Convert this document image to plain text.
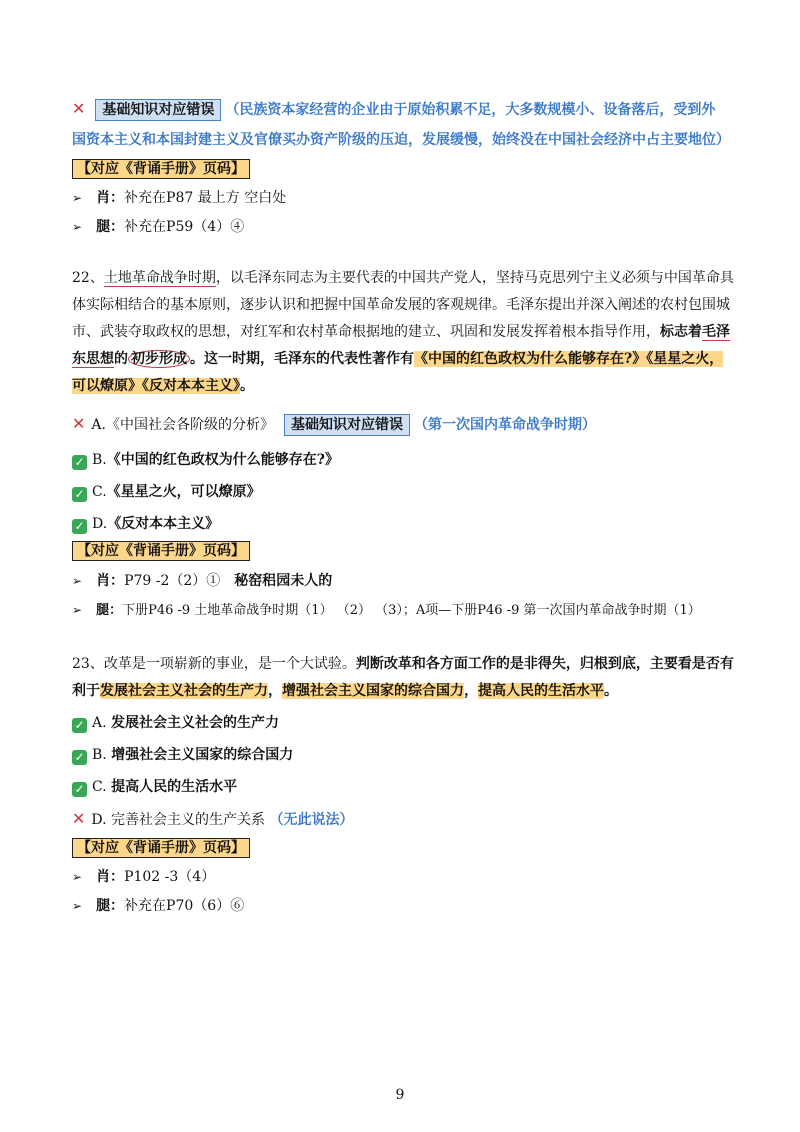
✕ 基础知识对应错误 （民族资本家经营的企业由于原始积累不足，大多数规模小、设备落后，受到外
国资本主义和本国封建主义及官僚买办资产阶级的压迫，发展缓慢，始终没在中国社会经济中占主要地位）
【对应《背诵手册》页码】
➢ 肖：补充在P87 最上方 空白处
➢ 腿：补充在P59（4）④
22、土地革命战争时期，以毛泽东同志为主要代表的中国共产党人，坚持马克思列宁主义必须与中国革命具体实际相结合的基本原则，逐步认识和把握中国革命发展的客观规律。毛泽东提出并深入阐述的农村包围城市、武装夺取政权的思想，对红军和农村革命根据地的建立、巩固和发展发挥着根本指导作用，标志着毛泽东思想的 初步形成 。这一时期，毛泽东的代表性著作有《中国的红色政权为什么能够存在?》《星星之火，可以燎原》《反对本本主义》。
✕ A.《中国社会各阶级的分析》 基础知识对应错误 （第一次国内革命战争时期）
✓ B.《中国的红色政权为什么能够存在?》
✓ C.《星星之火，可以燎原》
✓ D.《反对本本主义》
【对应《背诵手册》页码】
➢ 肖：P79 -2（2）① 秘窑稆园未人的
➢ 腿：下册P46 -9 土地革命战争时期（1） （2） （3）；A项—下册P46 -9 第一次国内革命战争时期（1）
23、改革是一项崭新的事业，是一个大试验。判断改革和各方面工作的是非得失，归根到底，主要看是否有利于发展社会主义社会的生产力，增强社会主义国家的综合国力，提高人民的生活水平。
✓ A. 发展社会主义社会的生产力
✓ B. 增强社会主义国家的综合国力
✓ C. 提高人民的生活水平
✕ D. 完善社会主义的生产关系 （无此说法）
【对应《背诵手册》页码】
➢ 肖：P102 -3（4）
➢ 腿：补充在P70（6）⑥
9
